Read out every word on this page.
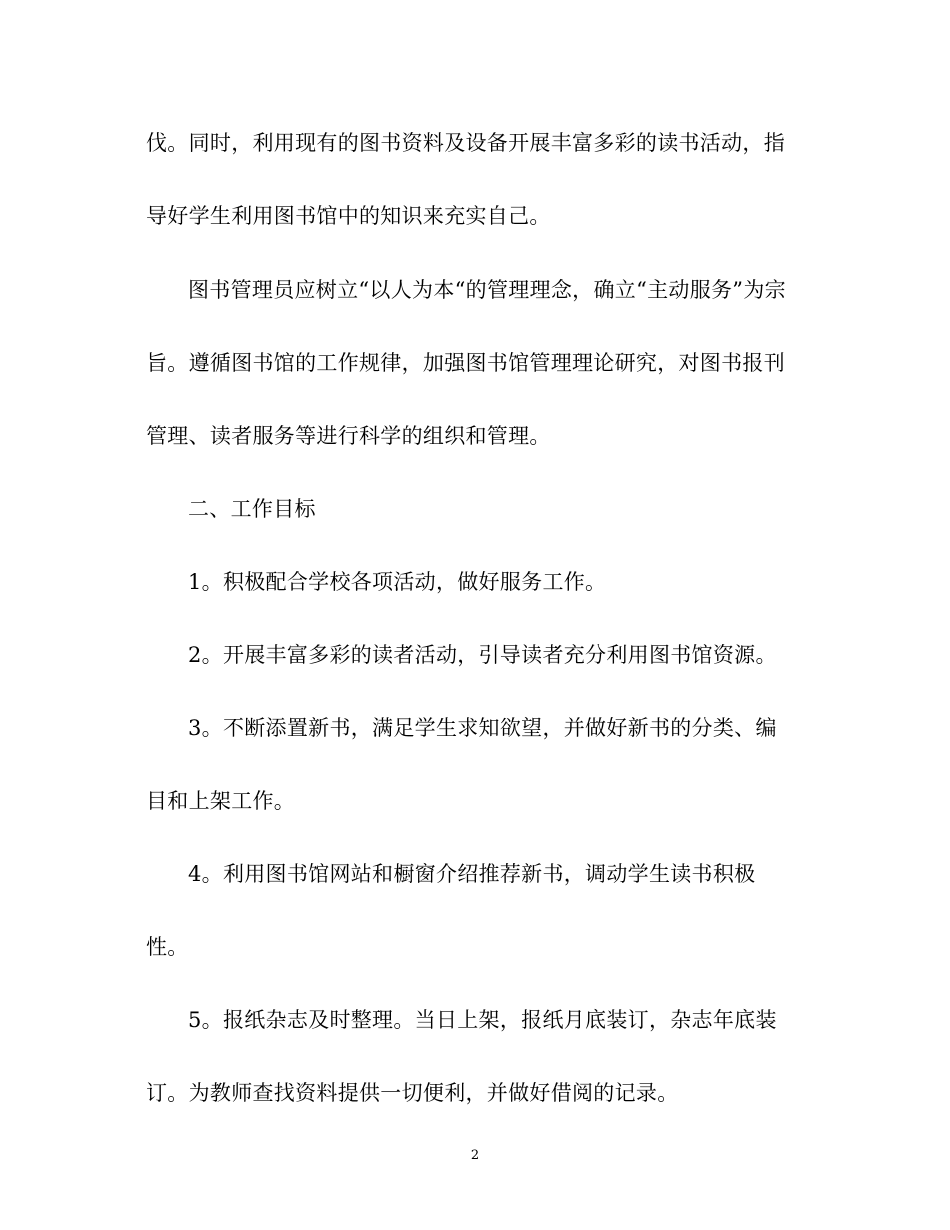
伐。同时，利用现有的图书资料及设备开展丰富多彩的读书活动，指
导好学生利用图书馆中的知识来充实自己。
图书管理员应树立“以人为本“的管理理念，确立“主动服务”为宗
旨。遵循图书馆的工作规律，加强图书馆管理理论研究，对图书报刊
管理、读者服务等进行科学的组织和管理。
二、工作目标
1。积极配合学校各项活动，做好服务工作。
2。开展丰富多彩的读者活动，引导读者充分利用图书馆资源。
3。不断添置新书，满足学生求知欲望，并做好新书的分类、编
目和上架工作。
4。利用图书馆网站和橱窗介绍推荐新书，调动学生读书积极
性。
5。报纸杂志及时整理。当日上架，报纸月底装订，杂志年底装
订。为教师查找资料提供一切便利，并做好借阅的记录。
2
